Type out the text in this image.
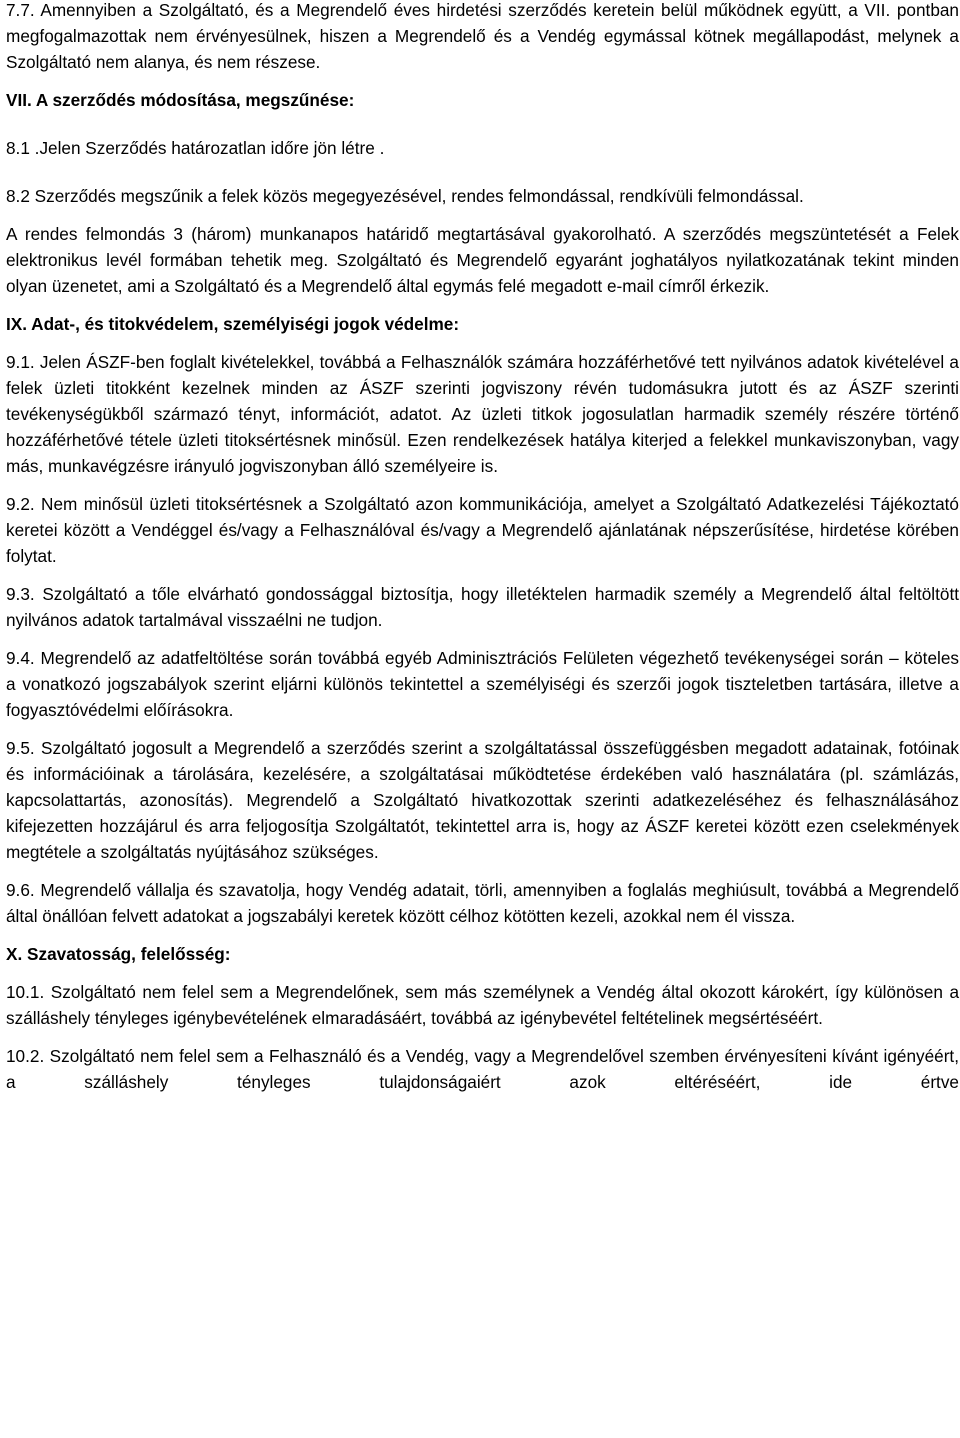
7.7. Amennyiben a Szolgáltató, és a Megrendelő éves hirdetési szerződés keretein belül működnek együtt, a VII. pontban megfogalmazottak nem érvényesülnek, hiszen a Megrendelő és a Vendég egymással kötnek megállapodást, melynek a Szolgáltató nem alanya, és nem részese.

VII. A szerződés módosítása, megszűnése:

8.1 .Jelen Szerződés határozatlan időre jön létre .

8.2 Szerződés megszűnik a felek közös megegyezésével, rendes felmondással, rendkívüli felmondással.

A rendes felmondás 3 (három) munkanapos határidő megtartásával gyakorolható. A szerződés megszüntetését a Felek elektronikus levél formában tehetik meg. Szolgáltató és Megrendelő egyaránt joghatályos nyilatkozatának tekint minden olyan üzenetet, ami a Szolgáltató és a Megrendelő által egymás felé megadott e-mail címről érkezik.

IX. Adat-, és titokvédelem, személyiségi jogok védelme:

9.1. Jelen ÁSZF-ben foglalt kivételekkel, továbbá a Felhasználók számára hozzáférhetővé tett nyilvános adatok kivételével a felek üzleti titokként kezelnek minden az ÁSZF szerinti jogviszony révén tudomásukra jutott és az ÁSZF szerinti tevékenységükből származó tényt, információt, adatot. Az üzleti titkok jogosulatlan harmadik személy részére történő hozzáférhetővé tétele üzleti titoksértésnek minősül. Ezen rendelkezések hatálya kiterjed a felekkel munkaviszonyban, vagy más, munkavégzésre irányuló jogviszonyban álló személyeire is.

9.2. Nem minősül üzleti titoksértésnek a Szolgáltató azon kommunikációja, amelyet a Szolgáltató Adatkezelési Tájékoztató keretei között a Vendéggel és/vagy a Felhasználóval és/vagy a Megrendelő ajánlatának népszerűsítése, hirdetése körében folytat.

9.3. Szolgáltató a tőle elvárható gondossággal biztosítja, hogy illetéktelen harmadik személy a Megrendelő által feltöltött nyilvános adatok tartalmával visszaélni ne tudjon.

9.4. Megrendelő az adatfeltöltése során továbbá egyéb Adminisztrációs Felületen végezhető tevékenységei során – köteles a vonatkozó jogszabályok szerint eljárni különös tekintettel a személyiségi és szerzői jogok tiszteletben tartására, illetve a fogyasztóvédelmi előírásokra.

9.5. Szolgáltató jogosult a Megrendelő a szerződés szerint a szolgáltatással összefüggésben megadott adatainak, fotóinak és információinak a tárolására, kezelésére, a szolgáltatásai működtetése érdekében való használatára (pl. számlázás, kapcsolattartás, azonosítás). Megrendelő a Szolgáltató hivatkozottak szerinti adatkezeléséhez és felhasználásához kifejezetten hozzájárul és arra feljogosítja Szolgáltatót, tekintettel arra is, hogy az ÁSZF keretei között ezen cselekmények megtétele a szolgáltatás nyújtásához szükséges.

9.6. Megrendelő vállalja és szavatolja, hogy Vendég adatait, törli, amennyiben a foglalás meghiúsult, továbbá a Megrendelő által önállóan felvett adatokat a jogszabályi keretek között célhoz kötötten kezeli, azokkal nem él vissza.

X. Szavatosság, felelősség:

10.1. Szolgáltató nem felel sem a Megrendelőnek, sem más személynek a Vendég által okozott károkért, így különösen a szálláshely tényleges igénybevételének elmaradásáért, továbbá az igénybevétel feltételinek megsértéséért.

10.2. Szolgáltató nem felel sem a Felhasználó és a Vendég, vagy a Megrendelővel szemben érvényesíteni kívánt igényéért, a szálláshely tényleges tulajdonságaiért azok eltéréséért, ide értve
